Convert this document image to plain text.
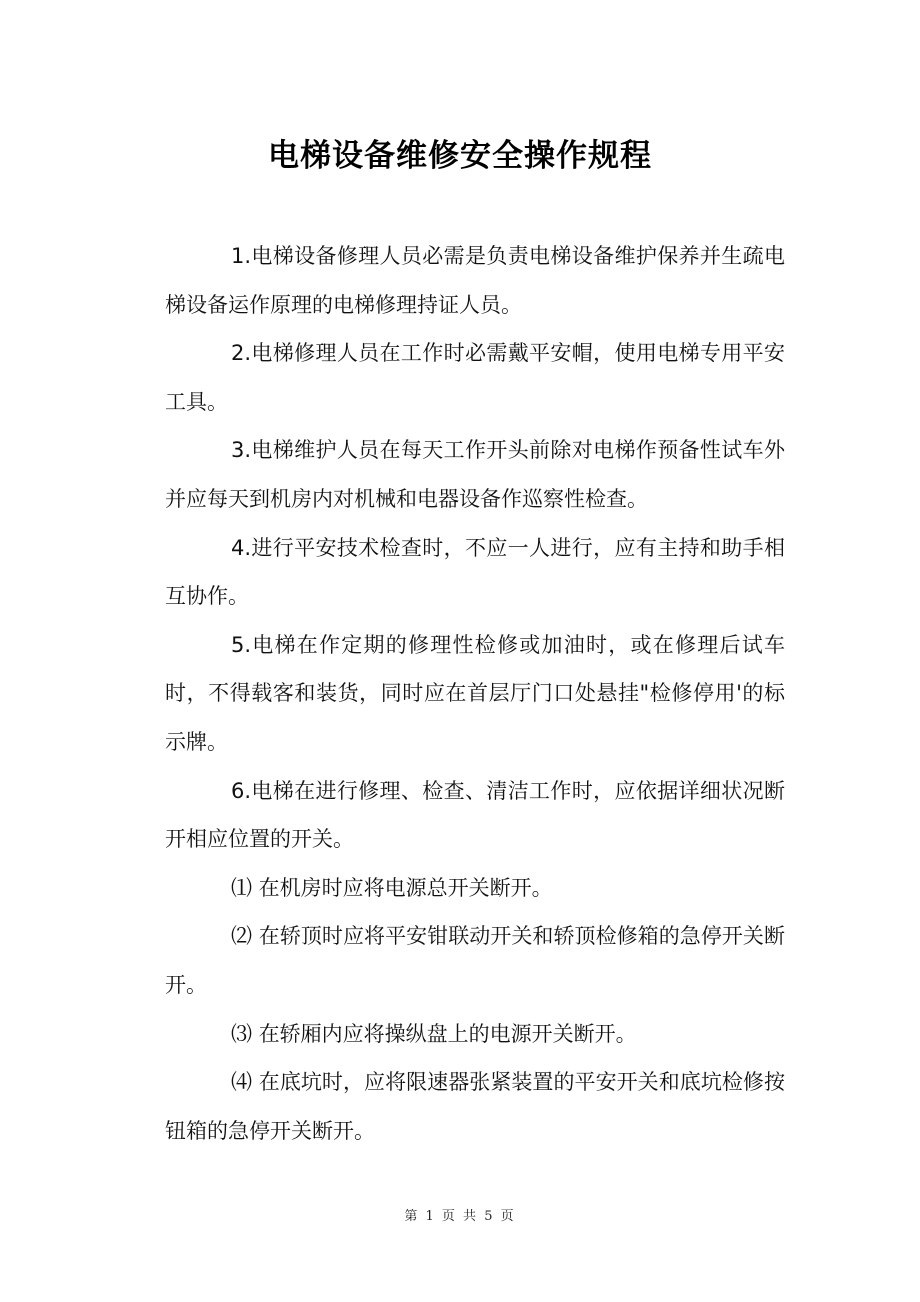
电梯设备维修安全操作规程

1.电梯设备修理人员必需是负责电梯设备维护保养并生疏电梯设备运作原理的电梯修理持证人员。

2.电梯修理人员在工作时必需戴平安帽，使用电梯专用平安工具。

3.电梯维护人员在每天工作开头前除对电梯作预备性试车外并应每天到机房内对机械和电器设备作巡察性检查。

4.进行平安技术检查时，不应一人进行，应有主持和助手相互协作。

5.电梯在作定期的修理性检修或加油时，或在修理后试车时，不得载客和装货，同时应在首层厅门口处悬挂"检修停用'的标示牌。

6.电梯在进行修理、检查、清洁工作时，应依据详细状况断开相应位置的开关。

⑴ 在机房时应将电源总开关断开。

⑵ 在轿顶时应将平安钳联动开关和轿顶检修箱的急停开关断开。

⑶ 在轿厢内应将操纵盘上的电源开关断开。

⑷ 在底坑时，应将限速器张紧装置的平安开关和底坑检修按钮箱的急停开关断开。

第 1 页 共 5 页
